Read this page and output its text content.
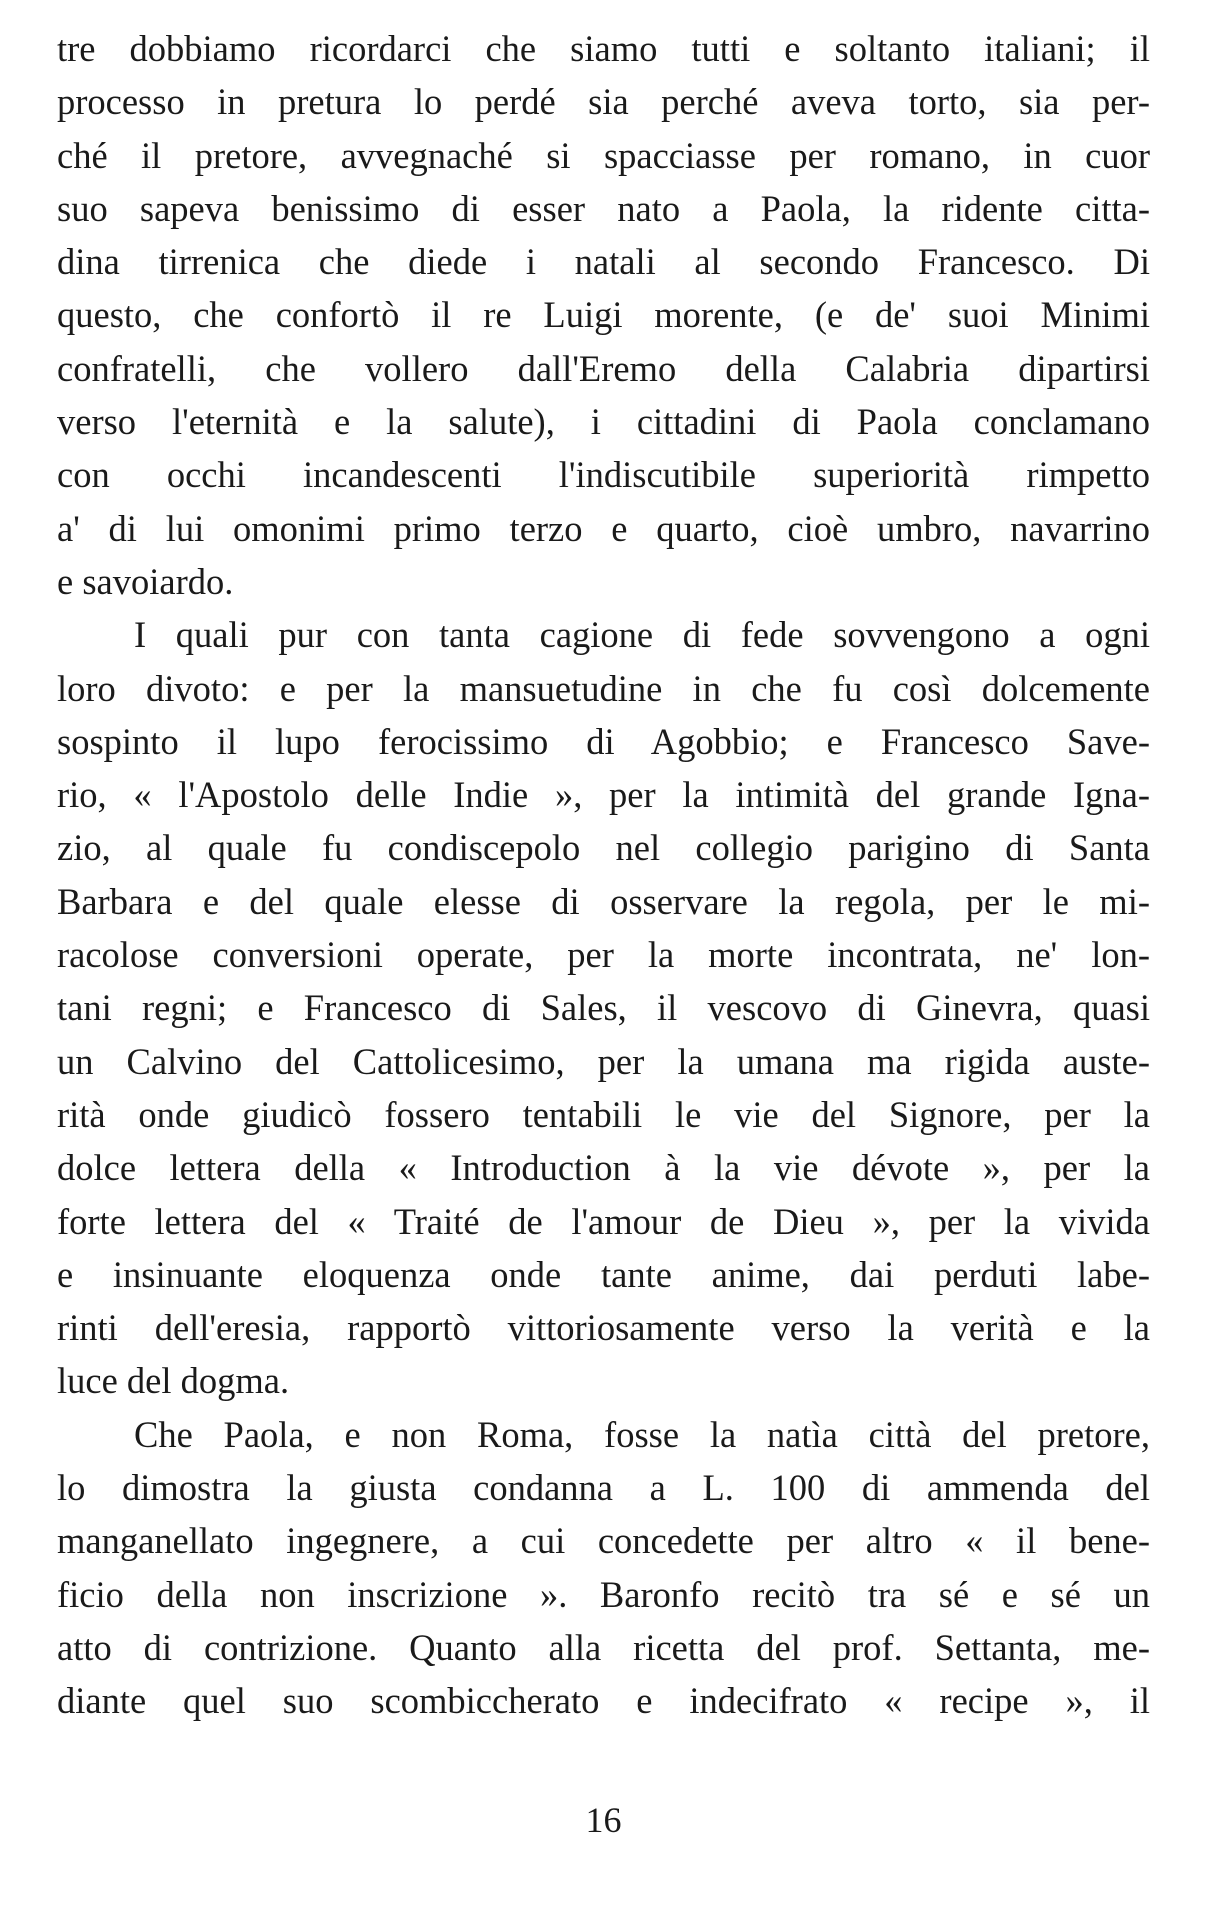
tre dobbiamo ricordarci che siamo tutti e soltanto italiani; il
processo in pretura lo perdé sia perché aveva torto, sia per-
ché il pretore, avvegnaché si spacciasse per romano, in cuor
suo sapeva benissimo di esser nato a Paola, la ridente citta-
dina tirrenica che diede i natali al secondo Francesco. Di
questo, che confortò il re Luigi morente, (e de' suoi Minimi
confratelli, che vollero dall'Eremo della Calabria dipartirsi
verso l'eternità e la salute), i cittadini di Paola conclamano
con occhi incandescenti l'indiscutibile superiorità rimpetto
a' di lui omonimi primo terzo e quarto, cioè umbro, navarrino
e savoiardo.
I quali pur con tanta cagione di fede sovvengono a ogni
loro divoto: e per la mansuetudine in che fu così dolcemente
sospinto il lupo ferocissimo di Agobbio; e Francesco Save-
rio, « l'Apostolo delle Indie », per la intimità del grande Igna-
zio, al quale fu condiscepolo nel collegio parigino di Santa
Barbara e del quale elesse di osservare la regola, per le mi-
racolose conversioni operate, per la morte incontrata, ne' lon-
tani regni; e Francesco di Sales, il vescovo di Ginevra, quasi
un Calvino del Cattolicesimo, per la umana ma rigida auste-
rità onde giudicò fossero tentabili le vie del Signore, per la
dolce lettera della « Introduction à la vie dévote », per la
forte lettera del « Traité de l'amour de Dieu », per la vivida
e insinuante eloquenza onde tante anime, dai perduti labe-
rinti dell'eresia, rapportò vittoriosamente verso la verità e la
luce del dogma.
Che Paola, e non Roma, fosse la natìa città del pretore,
lo dimostra la giusta condanna a L. 100 di ammenda del
manganellato ingegnere, a cui concedette per altro « il bene-
ficio della non inscrizione ». Baronfo recitò tra sé e sé un
atto di contrizione. Quanto alla ricetta del prof. Settanta, me-
diante quel suo scombiccherato e indecifrato « recipe », il
16
